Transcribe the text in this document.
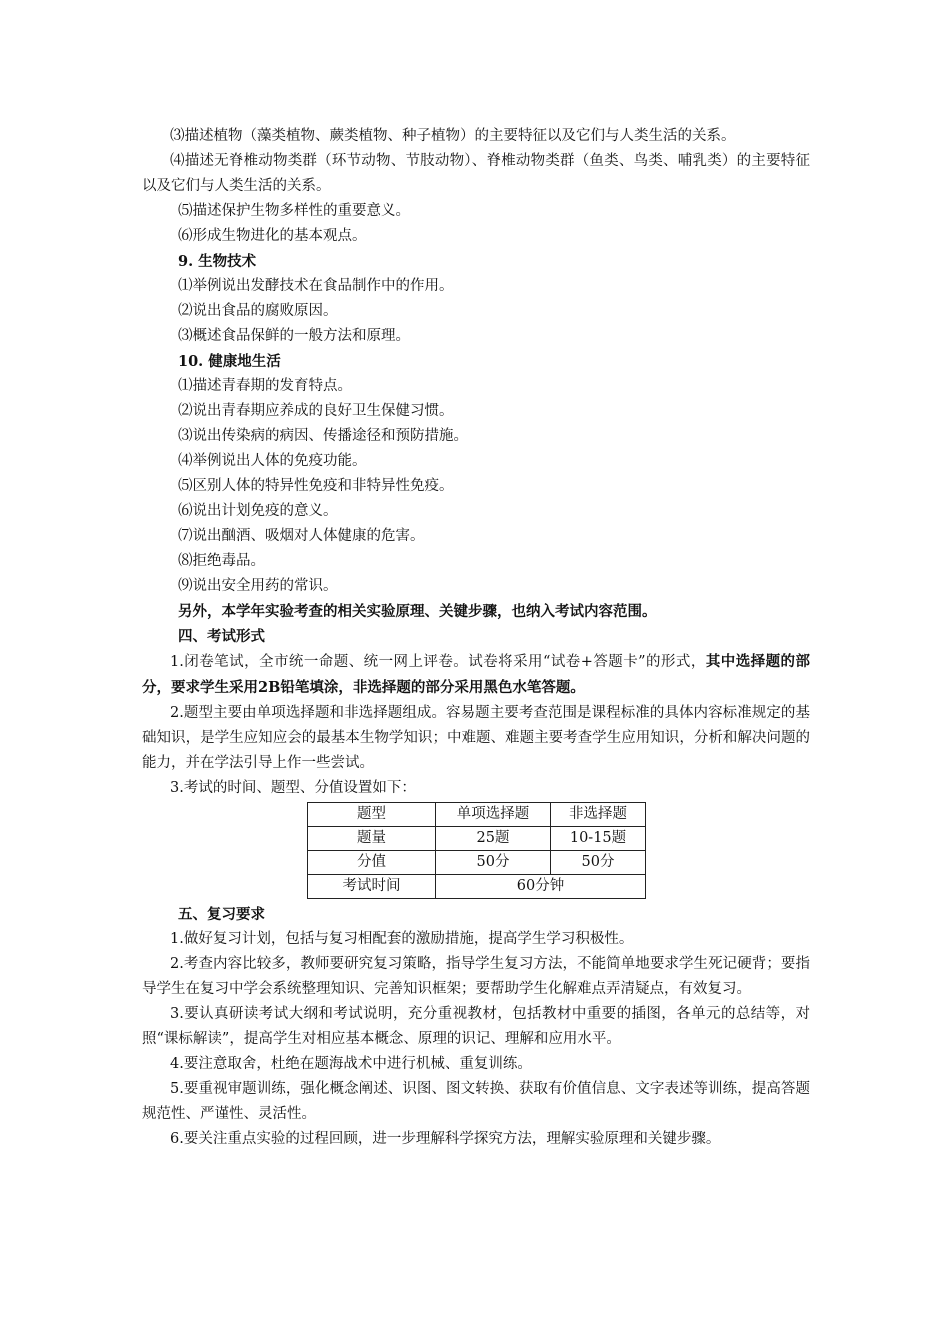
⑶描述植物（藻类植物、蕨类植物、种子植物）的主要特征以及它们与人类生活的关系。

⑷描述无脊椎动物类群（环节动物、节肢动物）、脊椎动物类群（鱼类、鸟类、哺乳类）的主要特征以及它们与人类生活的关系。

⑸描述保护生物多样性的重要意义。

⑹形成生物进化的基本观点。

9. 生物技术

⑴举例说出发酵技术在食品制作中的作用。

⑵说出食品的腐败原因。

⑶概述食品保鲜的一般方法和原理。

10. 健康地生活

⑴描述青春期的发育特点。

⑵说出青春期应养成的良好卫生保健习惯。

⑶说出传染病的病因、传播途径和预防措施。

⑷举例说出人体的免疫功能。

⑸区别人体的特异性免疫和非特异性免疫。

⑹说出计划免疫的意义。

⑺说出酗酒、吸烟对人体健康的危害。

⑻拒绝毒品。

⑼说出安全用药的常识。

另外，本学年实验考查的相关实验原理、关键步骤，也纳入考试内容范围。

四、考试形式

1.闭卷笔试，全市统一命题、统一网上评卷。试卷将采用“试卷+答题卡”的形式，其中选择题的部分，要求学生采用2B铅笔填涂，非选择题的部分采用黑色水笔答题。

2.题型主要由单项选择题和非选择题组成。容易题主要考查范围是课程标准的具体内容标准规定的基础知识，是学生应知应会的最基本生物学知识；中难题、难题主要考查学生应用知识，分析和解决问题的能力，并在学法引导上作一些尝试。

3.考试的时间、题型、分值设置如下：

题型	单项选择题	非选择题
题量	25题	10-15题
分值	50分	50分
考试时间	60分钟	

五、复习要求

1.做好复习计划，包括与复习相配套的激励措施，提高学生学习积极性。

2.考查内容比较多，教师要研究复习策略，指导学生复习方法，不能简单地要求学生死记硬背；要指导学生在复习中学会系统整理知识、完善知识框架；要帮助学生化解难点弄清疑点，有效复习。

3.要认真研读考试大纲和考试说明，充分重视教材，包括教材中重要的插图，各单元的总结等，对照“课标解读”，提高学生对相应基本概念、原理的识记、理解和应用水平。

4.要注意取舍，杜绝在题海战术中进行机械、重复训练。

5.要重视审题训练，强化概念阐述、识图、图文转换、获取有价值信息、文字表述等训练，提高答题规范性、严谨性、灵活性。

6.要关注重点实验的过程回顾，进一步理解科学探究方法，理解实验原理和关键步骤。
